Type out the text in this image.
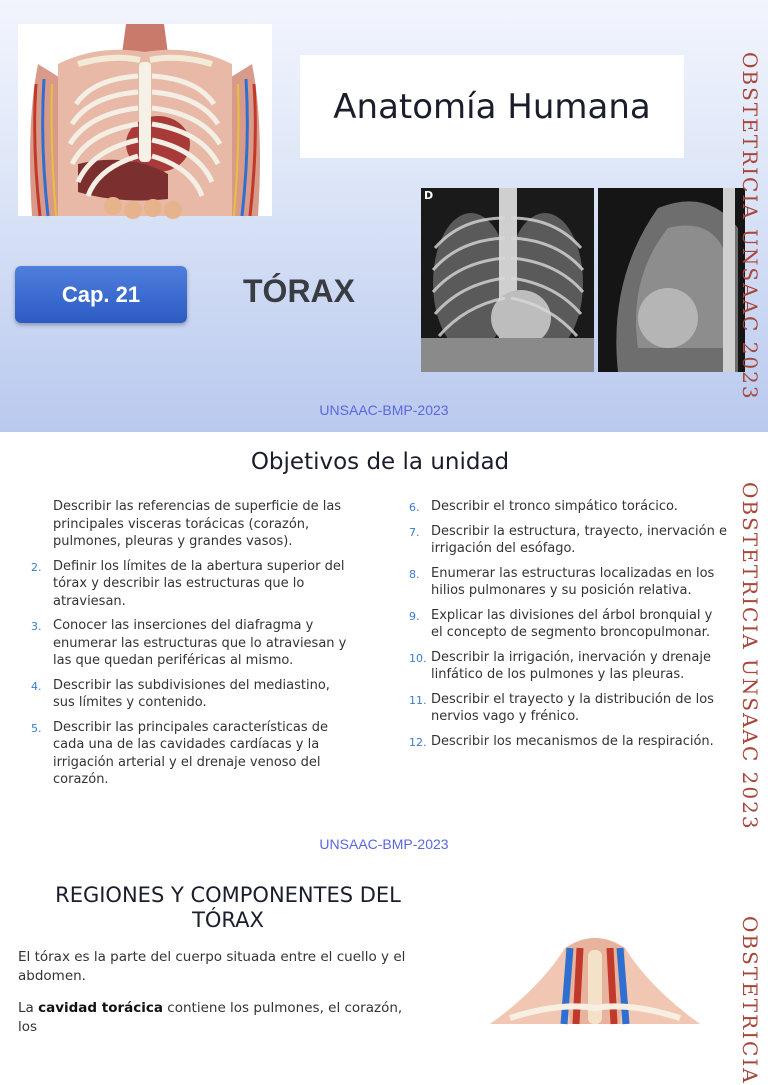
Anatomía Humana
Cap. 21	TÓRAX
D	OBSTETRICIA UNSAAC 2023
UNSAAC-BMP-2023
Objetivos de la unidad
Describir las referencias de superficie de las principales visceras torácicas (corazón, pulmones, pleuras y grandes vasos).
2. Definir los límites de la abertura superior del tórax y describir las estructuras que lo atraviesan.
3. Conocer las inserciones del diafragma y enumerar las estructuras que lo atraviesan y las que quedan periféricas al mismo.
4. Describir las subdivisiones del mediastino, sus límites y contenido.
5. Describir las principales características de cada una de las cavidades cardíacas y la irrigación arterial y el drenaje venoso del corazón.
6. Describir el tronco simpático torácico.
7. Describir la estructura, trayecto, inervación e irrigación del esófago.
8. Enumerar las estructuras localizadas en los hilios pulmonares y su posición relativa.
9. Explicar las divisiones del árbol bronquial y el concepto de segmento broncopulmonar.
10. Describir la irrigación, inervación y drenaje linfático de los pulmones y las pleuras.
11. Describir el trayecto y la distribución de los nervios vago y frénico.
12. Describir los mecanismos de la respiración.	OBSTETRICIA UNSAAC 2023
UNSAAC-BMP-2023
REGIONES Y COMPONENTES DEL TÓRAX
El tórax es la parte del cuerpo situada entre el cuello y el abdomen.
La cavidad torácica contiene los pulmones, el corazón, los	OBSTETRICIA
